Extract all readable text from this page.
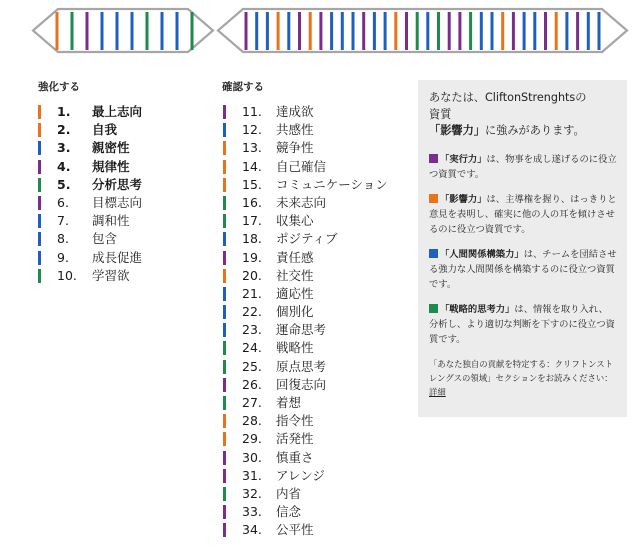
強化する	確認する
1. 最上志向
2. 自我
3. 親密性
4. 規律性
5. 分析思考
6. 目標志向
7. 調和性
8. 包含
9. 成長促進
10. 学習欲
11. 達成欲
12. 共感性
13. 競争性
14. 自己確信
15. コミュニケーション
16. 未来志向
17. 収集心
18. ポジティブ
19. 責任感
20. 社交性
21. 適応性
22. 個別化
23. 運命思考
24. 戦略性
25. 原点思考
26. 回復志向
27. 着想
28. 指令性
29. 活発性
30. 慎重さ
31. アレンジ
32. 内省
33. 信念
34. 公平性
あなたは、CliftonStrenghtsの
資質
「影響力」に強みがあります。
「実行力」は、物事を成し遂げるのに役立つ資質です。
「影響力」は、主導権を握り、はっきりと意見を表明し、確実に他の人の耳を傾けさせるのに役立つ資質です。
「人間関係構築力」は、チームを団結させる強力な人間関係を構築するのに役立つ資質です。
「戦略的思考力」は、情報を取り入れ、分析し、より適切な判断を下すのに役立つ資質です。
「あなた独自の貢献を特定する：クリフトンストレングスの領域」セクションをお読みください：詳細
